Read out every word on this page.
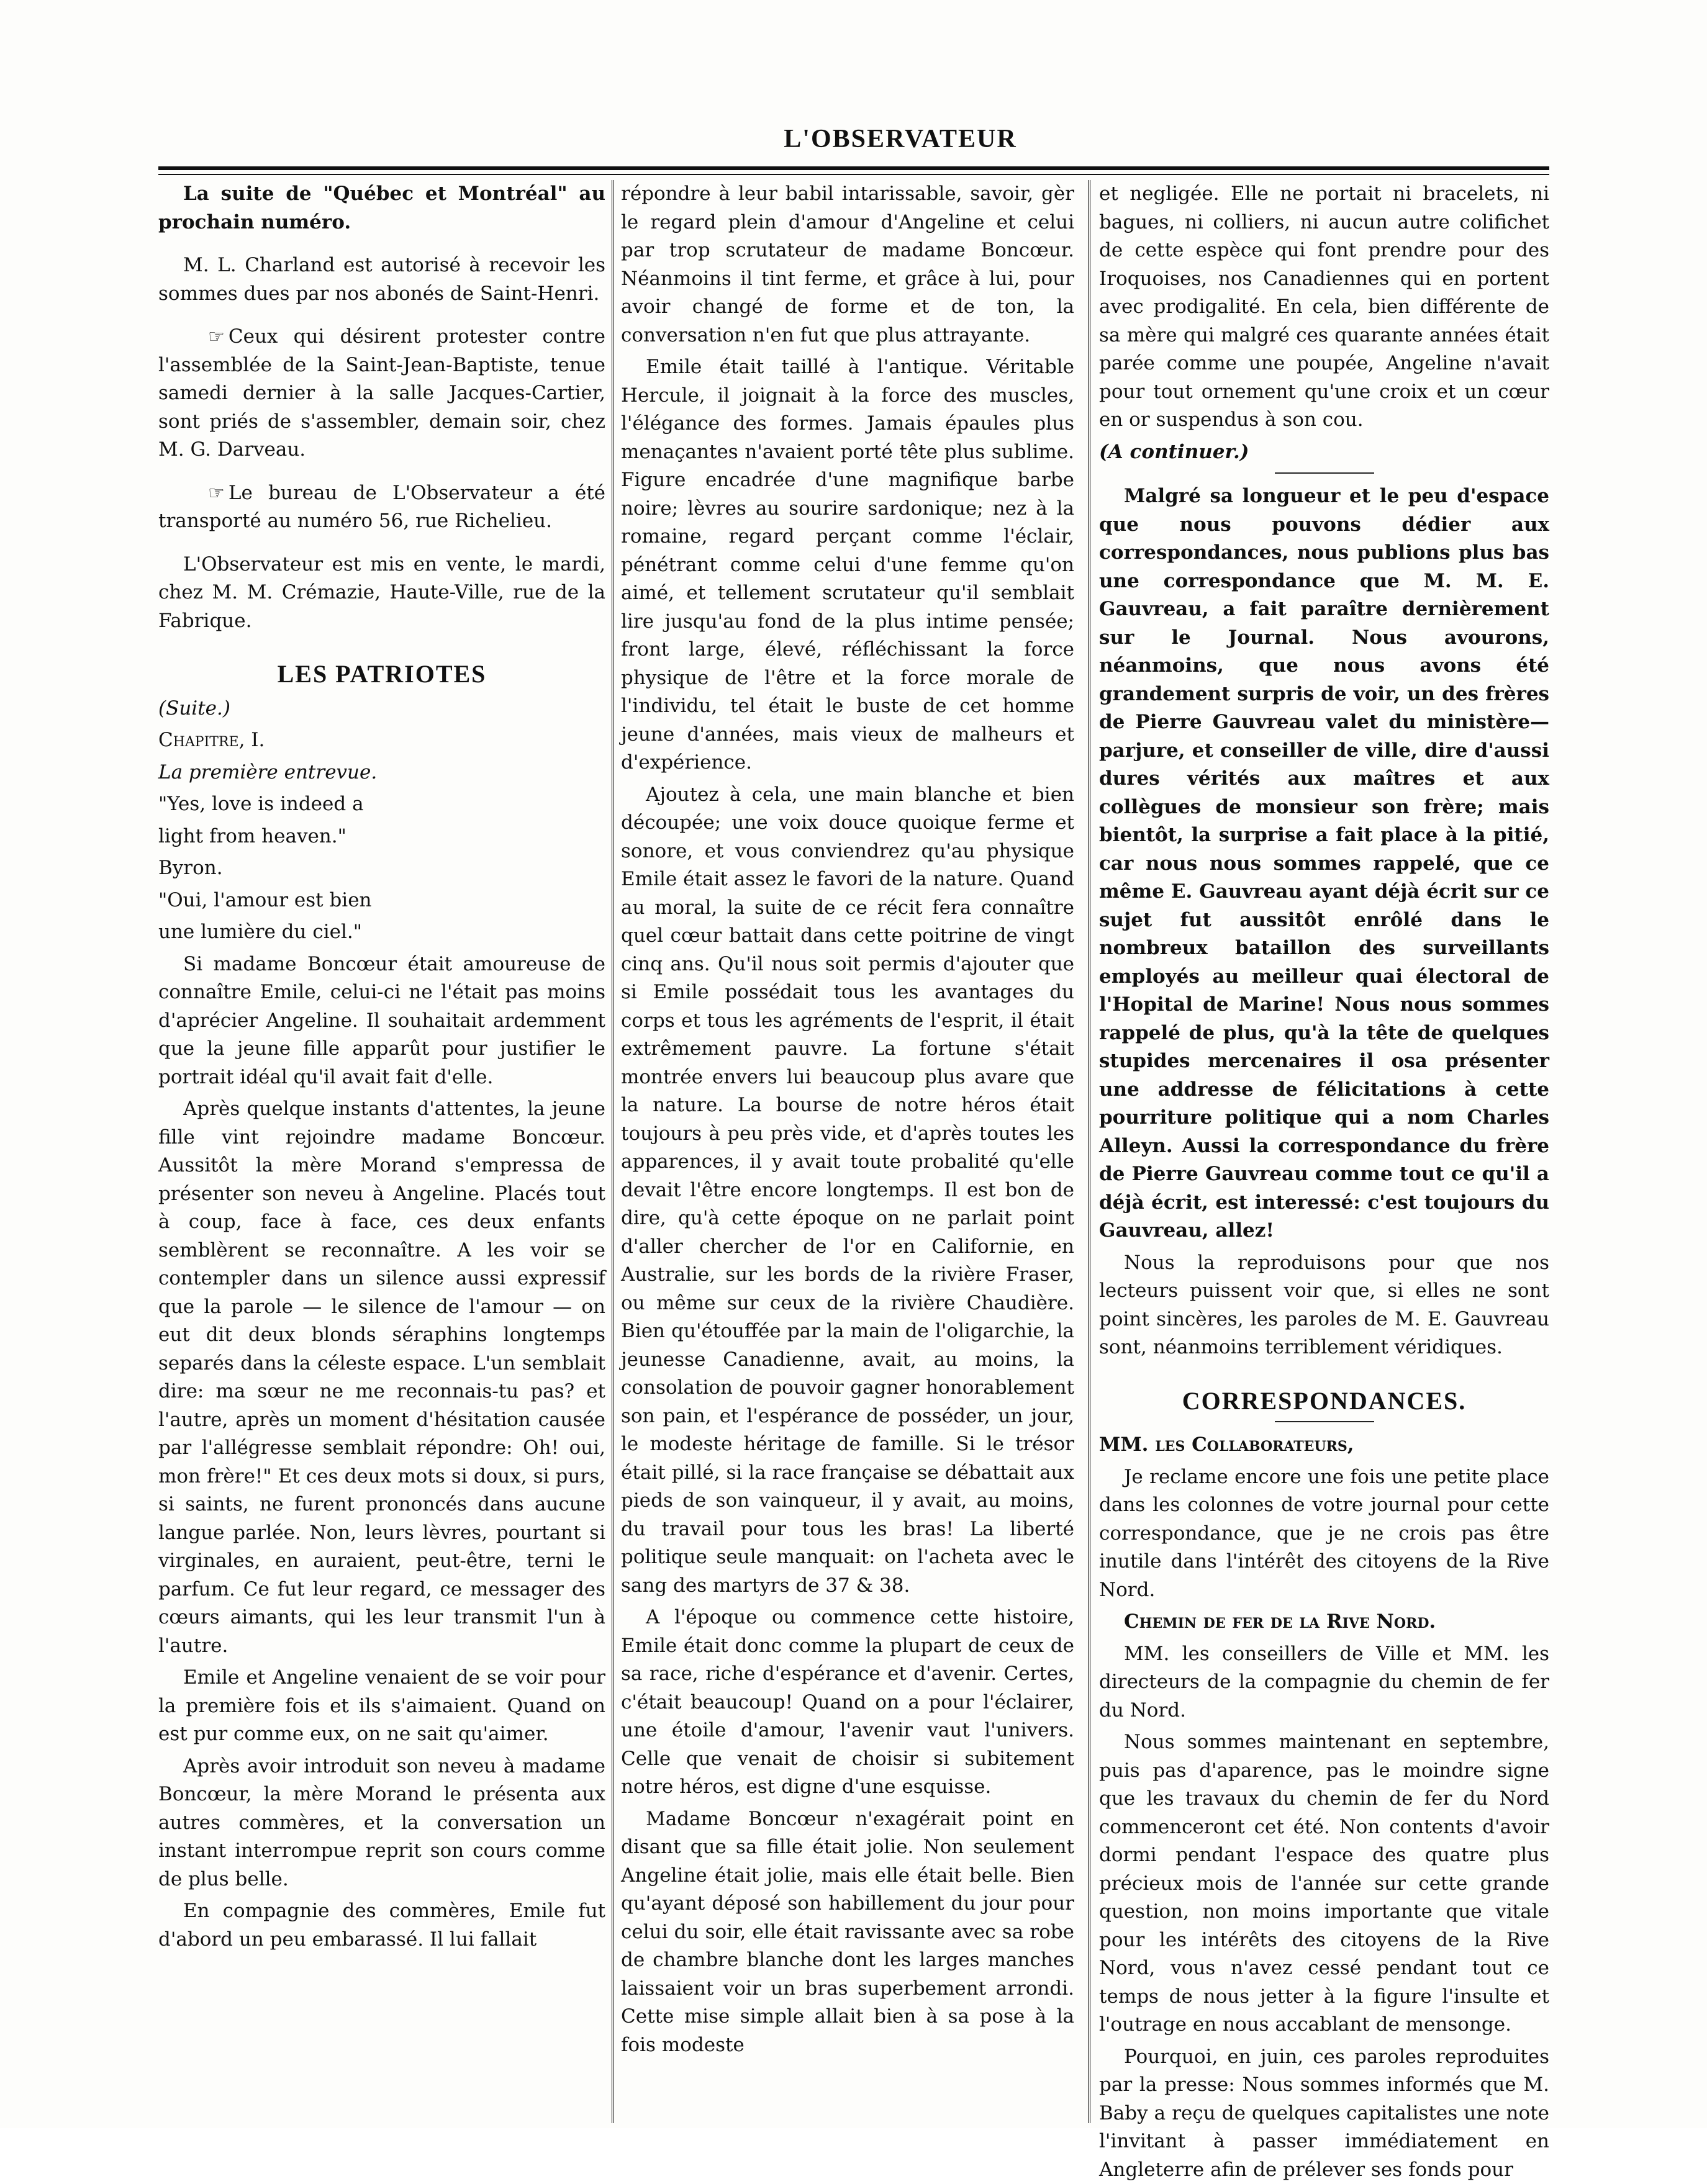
L'OBSERVATEUR

La suite de "Québec et Montréal" au prochain numéro.

M. L. Charland est autorisé à recevoir les sommes dues par nos abonés de Saint-Henri.

☞ Ceux qui désirent protester contre l'assemblée de la Saint-Jean-Baptiste, tenue samedi dernier à la salle Jacques-Cartier, sont priés de s'assembler, demain soir, chez M. G. Darveau.

☞ Le bureau de L'Observateur a été transporté au numéro 56, rue Richelieu.

L'Observateur est mis en vente, le mardi, chez M. M. Crémazie, Haute-Ville, rue de la Fabrique.

LES PATRIOTES

(Suite.)

Chapitre, I.

La première entrevue.

"Yes, love is indeed a

light from heaven."

Byron.

"Oui, l'amour est bien

une lumière du ciel."

Si madame Boncœur était amoureuse de connaître Emile, celui-ci ne l'était pas moins d'aprécier Angeline. Il souhaitait ardemment que la jeune fille apparût pour justifier le portrait idéal qu'il avait fait d'elle.

Après quelque instants d'attentes, la jeune fille vint rejoindre madame Boncœur. Aussitôt la mère Morand s'empressa de présenter son neveu à Angeline. Placés tout à coup, face à face, ces deux enfants semblèrent se reconnaître. A les voir se contempler dans un silence aussi expressif que la parole — le silence de l'amour — on eut dit deux blonds séraphins longtemps separés dans la céleste espace. L'un semblait dire: ma sœur ne me reconnais-tu pas? et l'autre, après un moment d'hésitation causée par l'allégresse semblait répondre: Oh! oui, mon frère!" Et ces deux mots si doux, si purs, si saints, ne furent prononcés dans aucune langue parlée. Non, leurs lèvres, pourtant si virginales, en auraient, peut-être, terni le parfum. Ce fut leur regard, ce messager des cœurs aimants, qui les leur transmit l'un à l'autre.

Emile et Angeline venaient de se voir pour la première fois et ils s'aimaient. Quand on est pur comme eux, on ne sait qu'aimer.

Après avoir introduit son neveu à madame Boncœur, la mère Morand le présenta aux autres commères, et la conversation un instant interrompue reprit son cours comme de plus belle.

En compagnie des commères, Emile fut d'abord un peu embarassé. Il lui fallait

répondre à leur babil intarissable, savoir, gèr le regard plein d'amour d'Angeline et celui par trop scrutateur de madame Boncœur. Néanmoins il tint ferme, et grâce à lui, pour avoir changé de forme et de ton, la conversation n'en fut que plus attrayante.

Emile était taillé à l'antique. Véritable Hercule, il joignait à la force des muscles, l'élégance des formes. Jamais épaules plus menaçantes n'avaient porté tête plus sublime. Figure encadrée d'une magnifique barbe noire; lèvres au sourire sardonique; nez à la romaine, regard perçant comme l'éclair, pénétrant comme celui d'une femme qu'on aimé, et tellement scrutateur qu'il semblait lire jusqu'au fond de la plus intime pensée; front large, élevé, réfléchissant la force physique de l'être et la force morale de l'individu, tel était le buste de cet homme jeune d'années, mais vieux de malheurs et d'expérience.

Ajoutez à cela, une main blanche et bien découpée; une voix douce quoique ferme et sonore, et vous conviendrez qu'au physique Emile était assez le favori de la nature. Quand au moral, la suite de ce récit fera connaître quel cœur battait dans cette poitrine de vingt cinq ans. Qu'il nous soit permis d'ajouter que si Emile possédait tous les avantages du corps et tous les agréments de l'esprit, il était extrêmement pauvre. La fortune s'était montrée envers lui beaucoup plus avare que la nature. La bourse de notre héros était toujours à peu près vide, et d'après toutes les apparences, il y avait toute probalité qu'elle devait l'être encore longtemps. Il est bon de dire, qu'à cette époque on ne parlait point d'aller chercher de l'or en Californie, en Australie, sur les bords de la rivière Fraser, ou même sur ceux de la rivière Chaudière. Bien qu'étouffée par la main de l'oligarchie, la jeunesse Canadienne, avait, au moins, la consolation de pouvoir gagner honorablement son pain, et l'espérance de posséder, un jour, le modeste héritage de famille. Si le trésor était pillé, si la race française se débattait aux pieds de son vainqueur, il y avait, au moins, du travail pour tous les bras! La liberté politique seule manquait: on l'acheta avec le sang des martyrs de 37 & 38.

A l'époque ou commence cette histoire, Emile était donc comme la plupart de ceux de sa race, riche d'espérance et d'avenir. Certes, c'était beaucoup! Quand on a pour l'éclairer, une étoile d'amour, l'avenir vaut l'univers. Celle que venait de choisir si subitement notre héros, est digne d'une esquisse.

Madame Boncœur n'exagérait point en disant que sa fille était jolie. Non seulement Angeline était jolie, mais elle était belle. Bien qu'ayant déposé son habillement du jour pour celui du soir, elle était ravissante avec sa robe de chambre blanche dont les larges manches laissaient voir un bras superbement arrondi. Cette mise simple allait bien à sa pose à la fois modeste

et negligée. Elle ne portait ni bracelets, ni bagues, ni colliers, ni aucun autre colifichet de cette espèce qui font prendre pour des Iroquoises, nos Canadiennes qui en portent avec prodigalité. En cela, bien différente de sa mère qui malgré ces quarante années était parée comme une poupée, Angeline n'avait pour tout ornement qu'une croix et un cœur en or suspendus à son cou.

(A continuer.)

Malgré sa longueur et le peu d'espace que nous pouvons dédier aux correspondances, nous publions plus bas une correspondance que M. M. E. Gauvreau, a fait paraître dernièrement sur le Journal. Nous avourons, néanmoins, que nous avons été grandement surpris de voir, un des frères de Pierre Gauvreau valet du ministère—parjure, et conseiller de ville, dire d'aussi dures vérités aux maîtres et aux collègues de monsieur son frère; mais bientôt, la surprise a fait place à la pitié, car nous nous sommes rappelé, que ce même E. Gauvreau ayant déjà écrit sur ce sujet fut aussitôt enrôlé dans le nombreux bataillon des surveillants employés au meilleur quai électoral de l'Hopital de Marine! Nous nous sommes rappelé de plus, qu'à la tête de quelques stupides mercenaires il osa présenter une addresse de félicitations à cette pourriture politique qui a nom Charles Alleyn. Aussi la correspondance du frère de Pierre Gauvreau comme tout ce qu'il a déjà écrit, est interessé: c'est toujours du Gauvreau, allez!

Nous la reproduisons pour que nos lecteurs puissent voir que, si elles ne sont point sincères, les paroles de M. E. Gauvreau sont, néanmoins terriblement véridiques.

CORRESPONDANCES.

MM. les Collaborateurs,

Je reclame encore une fois une petite place dans les colonnes de votre journal pour cette correspondance, que je ne crois pas être inutile dans l'intérêt des citoyens de la Rive Nord.

Chemin de fer de la Rive Nord.

MM. les conseillers de Ville et MM. les directeurs de la compagnie du chemin de fer du Nord.

Nous sommes maintenant en septembre, puis pas d'aparence, pas le moindre signe que les travaux du chemin de fer du Nord commenceront cet été. Non contents d'avoir dormi pendant l'espace des quatre plus précieux mois de l'année sur cette grande question, non moins importante que vitale pour les intérêts des citoyens de la Rive Nord, vous n'avez cessé pendant tout ce temps de nous jetter à la figure l'insulte et l'outrage en nous accablant de mensonge.

Pourquoi, en juin, ces paroles reproduites par la presse: Nous sommes informés que M. Baby a reçu de quelques capitalistes une note l'invitant à passer immédiatement en Angleterre afin de prélever ses fonds pour
